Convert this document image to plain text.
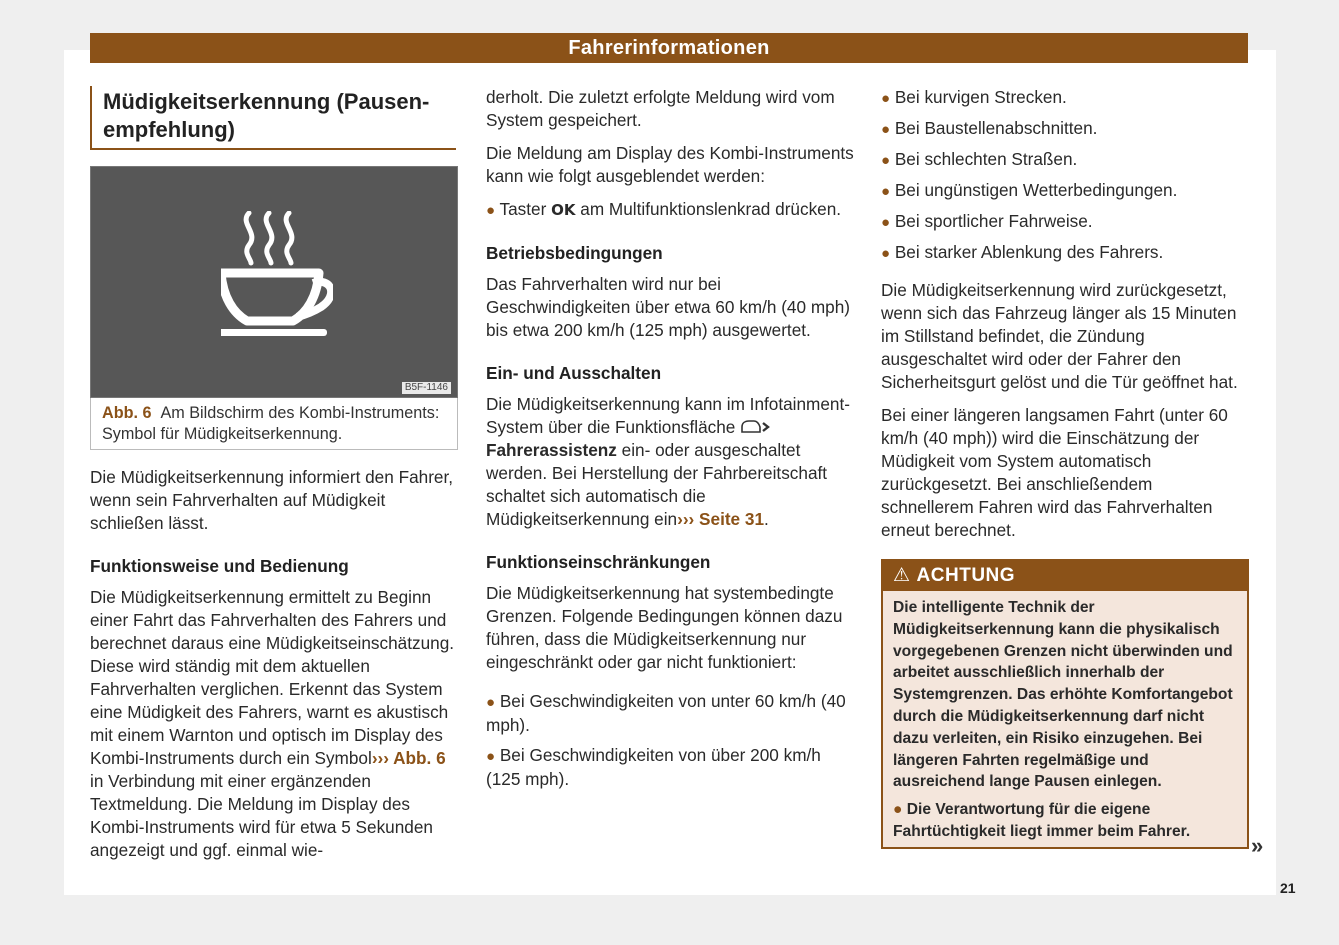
Fahrerinformationen
Müdigkeitserkennung (Pausen-
empfehlung)
B5F-1146
Abb. 6 Am Bildschirm des Kombi-Instruments: Symbol für Müdigkeitserkennung.

Die Müdigkeitserkennung informiert den Fahrer, wenn sein Fahrverhalten auf Müdigkeit schließen lässt.

Funktionsweise und Bedienung

Die Müdigkeitserkennung ermittelt zu Beginn einer Fahrt das Fahrverhalten des Fahrers und berechnet daraus eine Müdigkeitseinschätzung. Diese wird ständig mit dem aktuellen Fahrverhalten verglichen. Erkennt das System eine Müdigkeit des Fahrers, warnt es akustisch mit einem Warnton und optisch im Display des Kombi-Instruments durch ein Symbol››› Abb. 6 in Verbindung mit einer ergänzenden Textmeldung. Die Meldung im Display des Kombi-Instruments wird für etwa 5 Sekunden angezeigt und ggf. einmal wie-

derholt. Die zuletzt erfolgte Meldung wird vom System gespeichert.

Die Meldung am Display des Kombi-Instruments kann wie folgt ausgeblendet werden:

● Taster OK am Multifunktionslenkrad drücken.

Betriebsbedingungen

Das Fahrverhalten wird nur bei Geschwindigkeiten über etwa 60 km/h (40 mph) bis etwa 200 km/h (125 mph) ausgewertet.

Ein- und Ausschalten

Die Müdigkeitserkennung kann im Infotainment-System über die Funktionsfläche
Fahrerassistenz ein- oder ausgeschaltet werden. Bei Herstellung der Fahrbereitschaft schaltet sich automatisch die Müdigkeitserkennung ein››› Seite 31.

Funktionseinschränkungen

Die Müdigkeitserkennung hat systembedingte Grenzen. Folgende Bedingungen können dazu führen, dass die Müdigkeitserkennung nur eingeschränkt oder gar nicht funktioniert:

● Bei Geschwindigkeiten von unter 60 km/h (40 mph).

● Bei Geschwindigkeiten von über 200 km/h (125 mph).

● Bei kurvigen Strecken.

● Bei Baustellenabschnitten.

● Bei schlechten Straßen.

● Bei ungünstigen Wetterbedingungen.

● Bei sportlicher Fahrweise.

● Bei starker Ablenkung des Fahrers.

Die Müdigkeitserkennung wird zurückgesetzt, wenn sich das Fahrzeug länger als 15 Minuten im Stillstand befindet, die Zündung ausgeschaltet wird oder der Fahrer den Sicherheitsgurt gelöst und die Tür geöffnet hat.

Bei einer längeren langsamen Fahrt (unter 60 km/h (40 mph)) wird die Einschätzung der Müdigkeit vom System automatisch zurückgesetzt. Bei anschließendem schnellerem Fahren wird das Fahrverhalten erneut berechnet.

⚠ ACHTUNG
Die intelligente Technik der Müdigkeitserkennung kann die physikalisch vorgegebenen Grenzen nicht überwinden und arbeitet ausschließlich innerhalb der Systemgrenzen. Das erhöhte Komfortangebot durch die Müdigkeitserkennung darf nicht dazu verleiten, ein Risiko einzugehen. Bei längeren Fahrten regelmäßige und ausreichend lange Pausen einlegen.
● Die Verantwortung für die eigene Fahrtüchtigkeit liegt immer beim Fahrer.
»
21
